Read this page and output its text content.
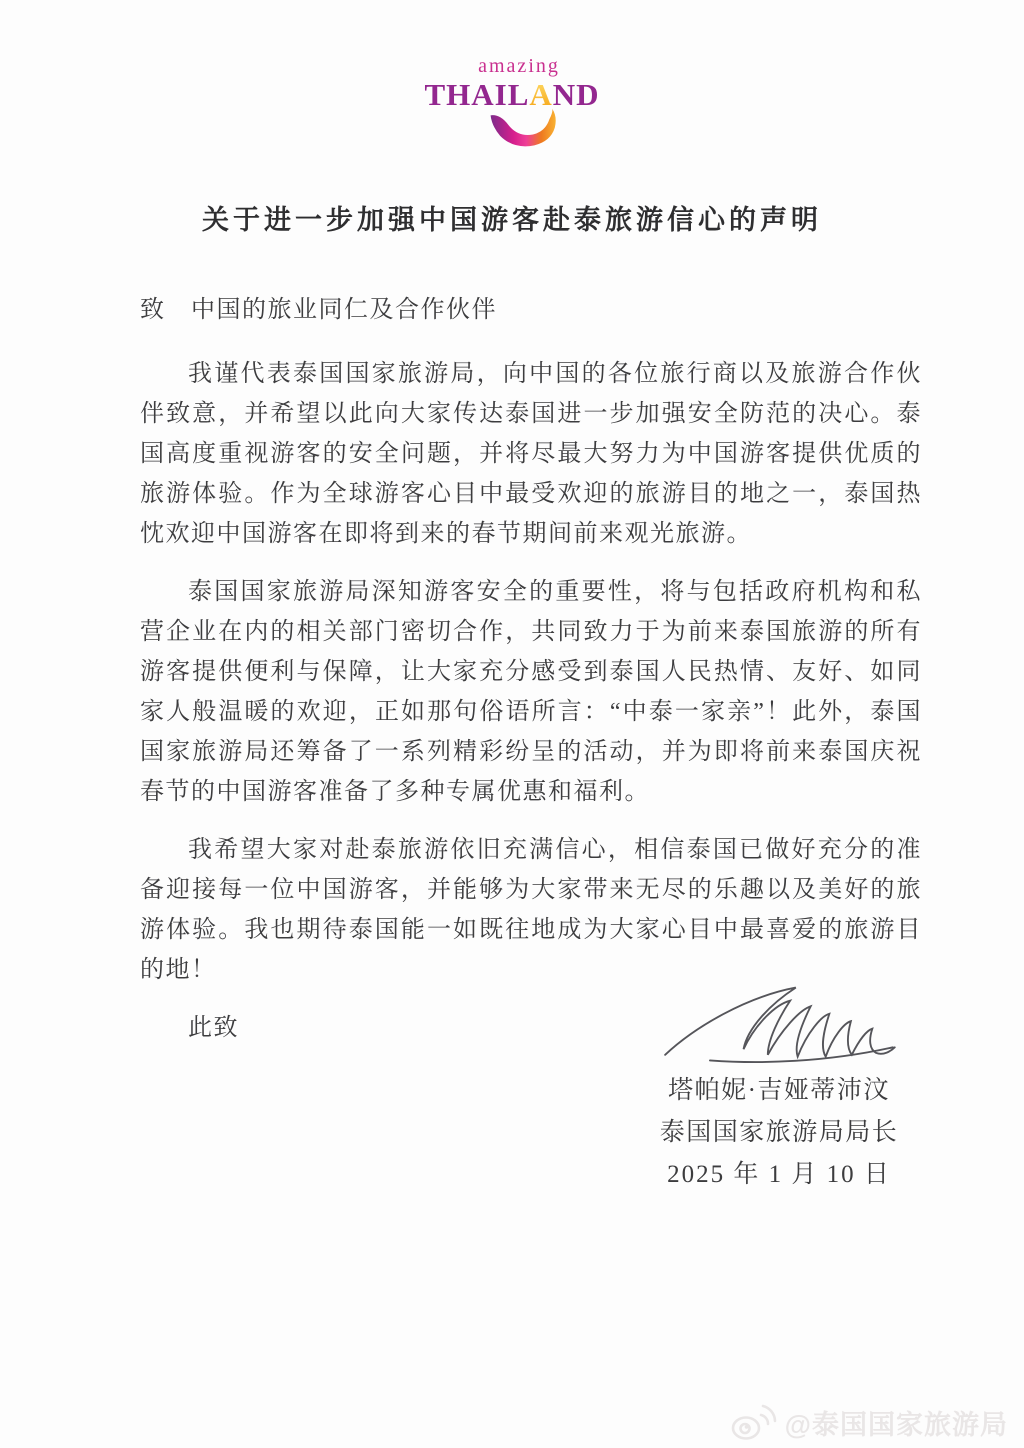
amazing
THAILAND
关于进一步加强中国游客赴泰旅游信心的声明

致　中国的旅业同仁及合作伙伴

我谨代表泰国国家旅游局，向中国的各位旅行商以及旅游合作伙伴致意，并希望以此向大家传达泰国进一步加强安全防范的决心。泰国高度重视游客的安全问题，并将尽最大努力为中国游客提供优质的旅游体验。作为全球游客心目中最受欢迎的旅游目的地之一，泰国热忱欢迎中国游客在即将到来的春节期间前来观光旅游。

泰国国家旅游局深知游客安全的重要性，将与包括政府机构和私营企业在内的相关部门密切合作，共同致力于为前来泰国旅游的所有游客提供便利与保障，让大家充分感受到泰国人民热情、友好、如同家人般温暖的欢迎，正如那句俗语所言：“中泰一家亲”！此外，泰国国家旅游局还筹备了一系列精彩纷呈的活动，并为即将前来泰国庆祝春节的中国游客准备了多种专属优惠和福利。

我希望大家对赴泰旅游依旧充满信心，相信泰国已做好充分的准备迎接每一位中国游客，并能够为大家带来无尽的乐趣以及美好的旅游体验。我也期待泰国能一如既往地成为大家心目中最喜爱的旅游目的地！

此致

塔帕妮·吉娅蒂沛汶
泰国国家旅游局局长
2025 年 1 月 10 日
@泰国国家旅游局
